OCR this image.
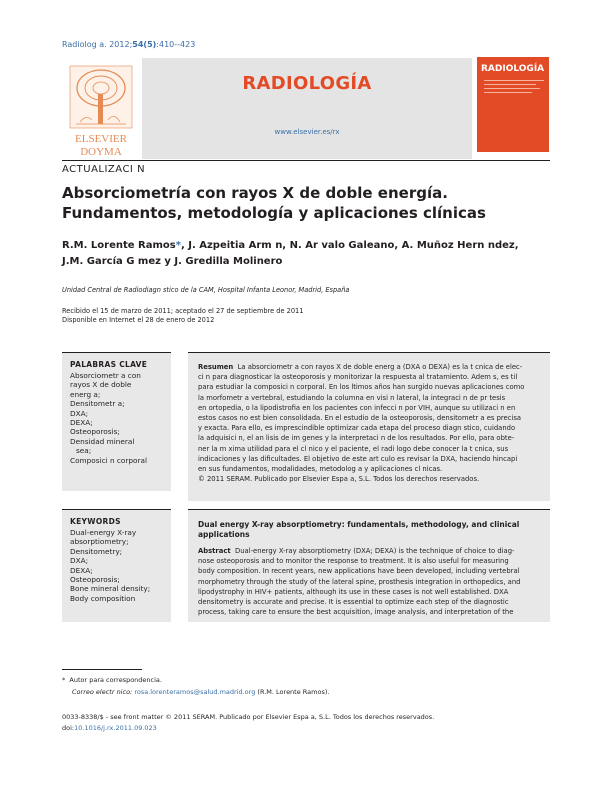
Radiolog a. 2012;54(5):410--423
ELSEVIER
DOYMA
RADIOLOGÍA
www.elsevier.es/rx
RADIOLOGÍA
ACTUALIZACI N
Absorciometría con rayos X de doble energía. Fundamentos, metodología y aplicaciones clínicas
R.M. Lorente Ramos*, J. Azpeitia Arm n, N. Ar valo Galeano, A. Muñoz Hern ndez,
J.M. García G mez y J. Gredilla Molinero
Unidad Central de Radiodiagn stico de la CAM, Hospital Infanta Leonor, Madrid, España
Recibido el 15 de marzo de 2011; aceptado el 27 de septiembre de 2011
Disponible en Internet el 28 de enero de 2012
PALABRAS CLAVE
Absorciometr a con
rayos X de doble
energ a;
Densitometr a;
DXA;
DEXA;
Osteoporosis;
Densidad mineral
sea;
Composici n corporal
Resumen La absorciometr a con rayos X de doble energ a (DXA o DEXA) es la t cnica de elec-
ci n para diagnosticar la osteoporosis y monitorizar la respuesta al tratamiento. Adem s, es til
para estudiar la composici n corporal. En los ltimos años han surgido nuevas aplicaciones como
la morfometr a vertebral, estudiando la columna en visi n lateral, la integraci n de pr tesis
en ortopedia, o la lipodistrofia en los pacientes con infecci n por VIH, aunque su utilizaci n en
estos casos no est bien consolidada. En el estudio de la osteoporosis, densitometr a es precisa
y exacta. Para ello, es imprescindible optimizar cada etapa del proceso diagn stico, cuidando
la adquisici n, el an lisis de im genes y la interpretaci n de los resultados. Por ello, para obte-
ner la m xima utilidad para el cl nico y el paciente, el radi logo debe conocer la t cnica, sus
indicaciones y las dificultades. El objetivo de este art culo es revisar la DXA, haciendo hincapi
en sus fundamentos, modalidades, metodolog a y aplicaciones cl nicas.
© 2011 SERAM. Publicado por Elsevier Espa a, S.L. Todos los derechos reservados.
KEYWORDS
Dual-energy X-ray
absorptiometry;
Densitometry;
DXA;
DEXA;
Osteoporosis;
Bone mineral density;
Body composition
Dual energy X-ray absorptiometry: fundamentals, methodology, and clinical
applications
Abstract Dual-energy X-ray absorptiometry (DXA; DEXA) is the technique of choice to diag-
nose osteoporosis and to monitor the response to treatment. It is also useful for measuring
body composition. In recent years, new applications have been developed, including vertebral
morphometry through the study of the lateral spine, prosthesis integration in orthopedics, and
lipodystrophy in HIV+ patients, although its use in these cases is not well established. DXA
densitometry is accurate and precise. It is essential to optimize each step of the diagnostic
process, taking care to ensure the best acquisition, image analysis, and interpretation of the
* Autor para correspondencia.
Correo electr nico: rosa.lorenteramos@salud.madrid.org (R.M. Lorente Ramos).
0033-8338/$ - see front matter © 2011 SERAM. Publicado por Elsevier Espa a, S.L. Todos los derechos reservados.
doi:10.1016/j.rx.2011.09.023
